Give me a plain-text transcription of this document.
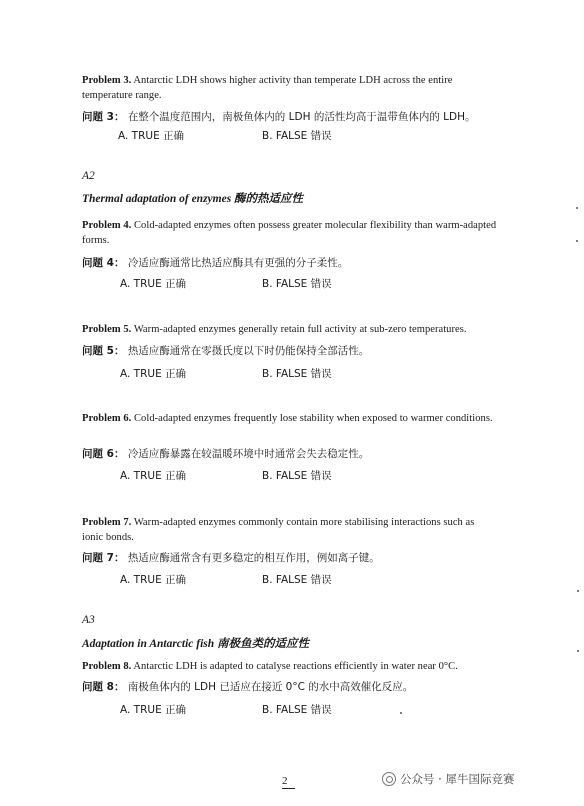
Problem 3. Antarctic LDH shows higher activity than temperate LDH across the entire temperature range.
问题 3： 在整个温度范围内，南极鱼体内的 LDH 的活性均高于温带鱼体内的 LDH。
A. TRUE 正确	B. FALSE 错误
A2
Thermal adaptation of enzymes 酶的热适应性
Problem 4. Cold-adapted enzymes often possess greater molecular flexibility than warm-adapted forms.
问题 4： 冷适应酶通常比热适应酶具有更强的分子柔性。
A. TRUE 正确	B. FALSE 错误
Problem 5. Warm-adapted enzymes generally retain full activity at sub-zero temperatures.
问题 5： 热适应酶通常在零摄氏度以下时仍能保持全部活性。
A. TRUE 正确	B. FALSE 错误
Problem 6. Cold-adapted enzymes frequently lose stability when exposed to warmer conditions.
问题 6： 冷适应酶暴露在较温暖环境中时通常会失去稳定性。
A. TRUE 正确	B. FALSE 错误
Problem 7. Warm-adapted enzymes commonly contain more stabilising interactions such as ionic bonds.
问题 7： 热适应酶通常含有更多稳定的相互作用，例如离子键。
A. TRUE 正确	B. FALSE 错误
A3
Adaptation in Antarctic fish 南极鱼类的适应性
Problem 8. Antarctic LDH is adapted to catalyse reactions efficiently in water near 0°C.
问题 8： 南极鱼体内的 LDH 已适应在接近 0°C 的水中高效催化反应。
A. TRUE 正确	B. FALSE 错误
2	公众号 · 犀牛国际竞赛
